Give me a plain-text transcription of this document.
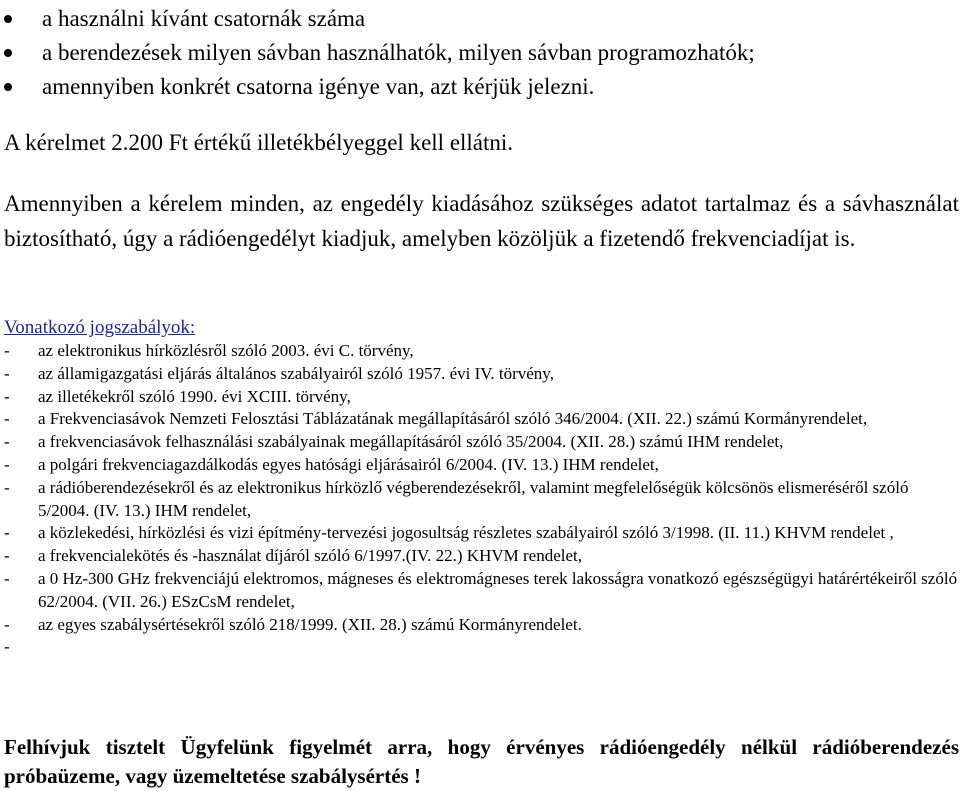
a használni kívánt csatornák száma
a berendezések milyen sávban használhatók, milyen sávban programozhatók;
amennyiben konkrét csatorna igénye van, azt kérjük jelezni.
A kérelmet 2.200 Ft értékű illetékbélyeggel kell ellátni.
Amennyiben a kérelem minden, az engedély kiadásához szükséges adatot tartalmaz és a sávhasználat biztosítható, úgy a rádióengedélyt kiadjuk, amelyben közöljük a fizetendő frekvenciadíjat is.
Vonatkozó jogszabályok:
- az elektronikus hírközlésről szóló 2003. évi C. törvény,
- az államigazgatási eljárás általános szabályairól szóló 1957. évi IV. törvény,
- az illetékekről szóló 1990. évi XCIII. törvény,
- a Frekvenciasávok Nemzeti Felosztási Táblázatának megállapításáról szóló 346/2004. (XII. 22.) számú Kormányrendelet,
- a frekvenciasávok felhasználási szabályainak megállapításáról szóló 35/2004. (XII. 28.) számú IHM rendelet,
- a polgári frekvenciagazdálkodás egyes hatósági eljárásairól 6/2004. (IV. 13.) IHM rendelet,
- a rádióberendezésekről és az elektronikus hírközlő végberendezésekről, valamint megfelelőségük kölcsönös elismeréséről szóló 5/2004. (IV. 13.) IHM rendelet,
- a közlekedési, hírközlési és vizi építmény-tervezési jogosultság részletes szabályairól szóló 3/1998. (II. 11.) KHVM rendelet ,
- a frekvencialekötés és -használat díjáról szóló 6/1997.(IV. 22.) KHVM rendelet,
- a 0 Hz-300 GHz frekvenciájú elektromos, mágneses és elektromágneses terek lakosságra vonatkozó egészségügyi határértékeiről szóló 62/2004. (VII. 26.) ESzCsM rendelet,
- az egyes szabálysértésekről szóló 218/1999. (XII. 28.) számú Kormányrendelet.
-
Felhívjuk tisztelt Ügyfelünk figyelmét arra, hogy érvényes rádióengedély nélkül rádióberendezés próbaüzeme, vagy üzemeltetése szabálysértés !
